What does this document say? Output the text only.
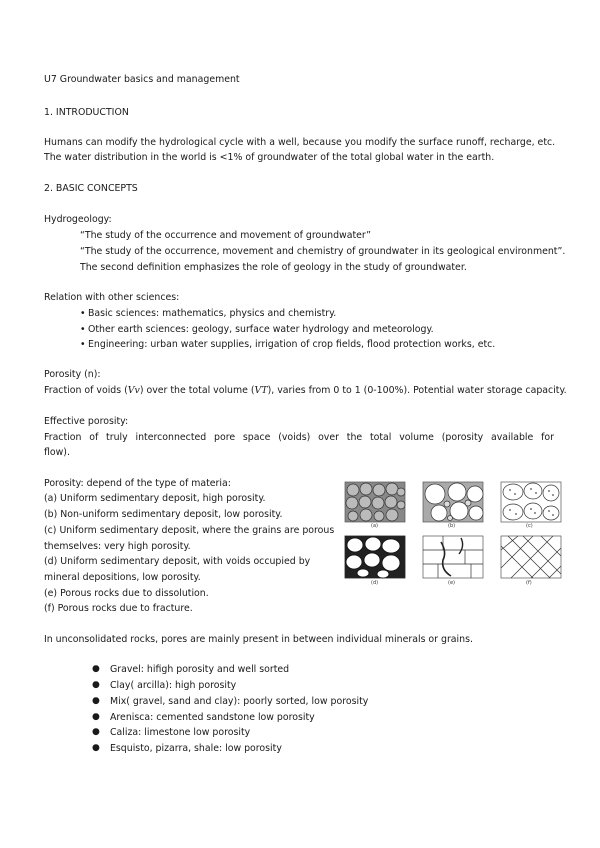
U7 Groundwater basics and management
1. INTRODUCTION
Humans can modify the hydrological cycle with a well, because you modify the surface runoff, recharge, etc.
The water distribution in the world is <1% of groundwater of the total global water in the earth.
2. BASIC CONCEPTS
Hydrogeology:
“The study of the occurrence and movement of groundwater”
“The study of the occurrence, movement and chemistry of groundwater in its geological environment”.
The second definition emphasizes the role of geology in the study of groundwater.
Relation with other sciences:
• Basic sciences: mathematics, physics and chemistry.
• Other earth sciences: geology, surface water hydrology and meteorology.
• Engineering: urban water supplies, irrigation of crop fields, flood protection works, etc.
Porosity (n):
Fraction of voids (Vv) over the total volume (VT), varies from 0 to 1 (0-100%). Potential water storage capacity.
Effective porosity:
Fraction of truly interconnected pore space (voids) over the total volume (porosity available for
flow).
Porosity: depend of the type of materia:
(a) Uniform sedimentary deposit, high porosity.
(b) Non-uniform sedimentary deposit, low porosity.
(c) Uniform sedimentary deposit, where the grains are porous
themselves: very high porosity.
(d) Uniform sedimentary deposit, with voids occupied by
mineral depositions, low porosity.
(e) Porous rocks due to dissolution.
(f) Porous rocks due to fracture.
(a)	(b)	(c)
(d)	(e)	(f)
In unconsolidated rocks, pores are mainly present in between individual minerals or grains.
● Gravel: hifigh porosity and well sorted
● Clay( arcilla): high porosity
● Mix( gravel, sand and clay): poorly sorted, low porosity
● Arenisca: cemented sandstone low porosity
● Caliza: limestone low porosity
● Esquisto, pizarra, shale: low porosity
